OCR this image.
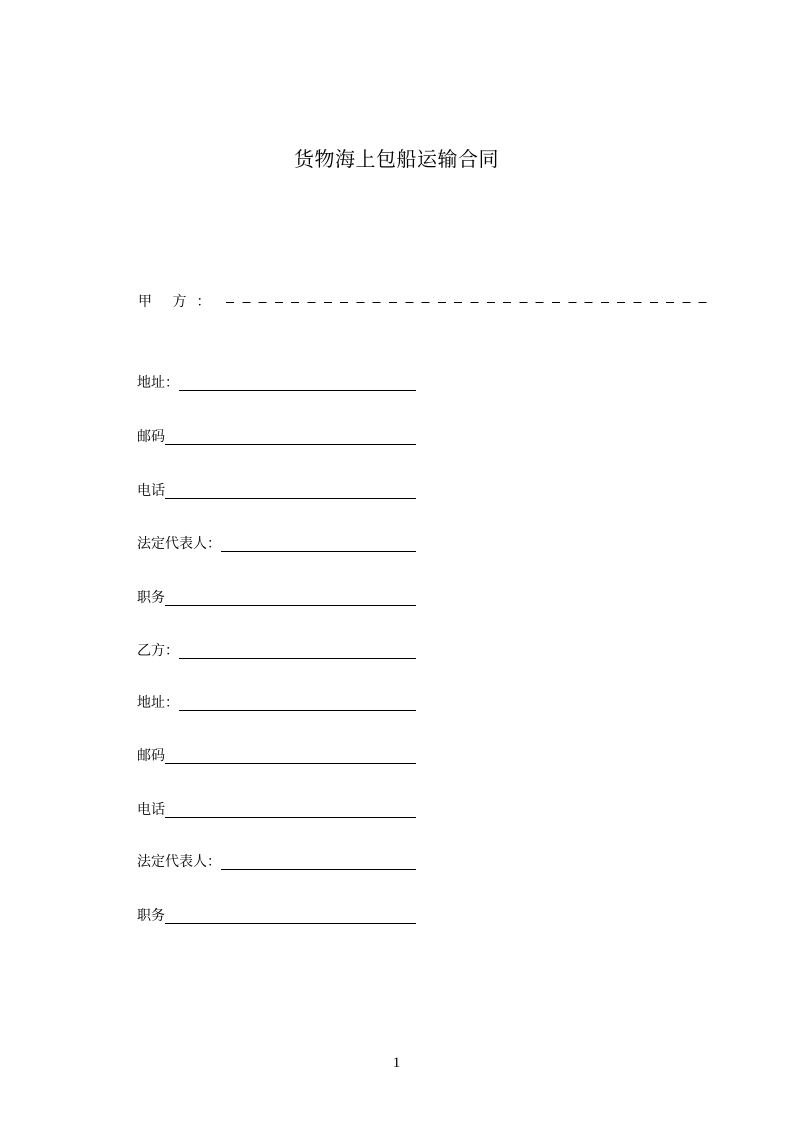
货物海上包船运输合同
甲 方 ：
地址：
邮码
电话
法定代表人：
职务
乙方：
地址：
邮码
电话
法定代表人：
职务
1
